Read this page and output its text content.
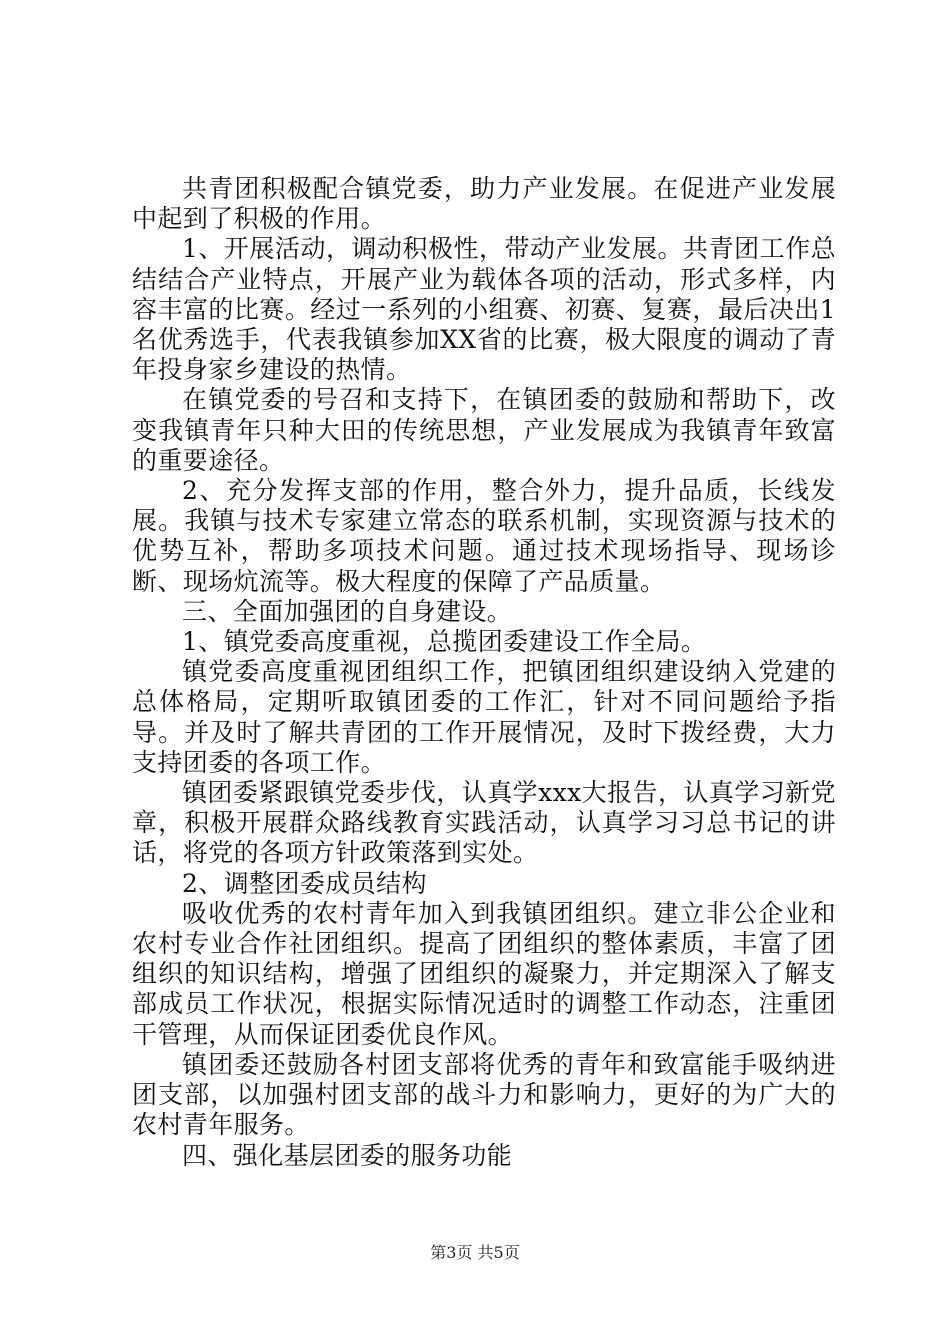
共青团积极配合镇党委，助力产业发展。在促进产业发展中起到了积极的作用。

1、开展活动，调动积极性，带动产业发展。共青团工作总结结合产业特点，开展产业为载体各项的活动，形式多样，内容丰富的比赛。经过一系列的小组赛、初赛、复赛，最后决出1名优秀选手，代表我镇参加XX省的比赛，极大限度的调动了青年投身家乡建设的热情。

在镇党委的号召和支持下，在镇团委的鼓励和帮助下，改变我镇青年只种大田的传统思想，产业发展成为我镇青年致富的重要途径。

2、充分发挥支部的作用，整合外力，提升品质，长线发展。我镇与技术专家建立常态的联系机制，实现资源与技术的优势互补，帮助多项技术问题。通过技术现场指导、现场诊断、现场炕流等。极大程度的保障了产品质量。

三、全面加强团的自身建设。

1、镇党委高度重视，总揽团委建设工作全局。

镇党委高度重视团组织工作，把镇团组织建设纳入党建的总体格局，定期听取镇团委的工作汇，针对不同问题给予指导。并及时了解共青团的工作开展情况，及时下拨经费，大力支持团委的各项工作。

镇团委紧跟镇党委步伐，认真学xxx大报告，认真学习新党章，积极开展群众路线教育实践活动，认真学习习总书记的讲话，将党的各项方针政策落到实处。

2、调整团委成员结构

吸收优秀的农村青年加入到我镇团组织。建立非公企业和农村专业合作社团组织。提高了团组织的整体素质，丰富了团组织的知识结构，增强了团组织的凝聚力，并定期深入了解支部成员工作状况，根据实际情况适时的调整工作动态，注重团干管理，从而保证团委优良作风。

镇团委还鼓励各村团支部将优秀的青年和致富能手吸纳进团支部，以加强村团支部的战斗力和影响力，更好的为广大的农村青年服务。

四、强化基层团委的服务功能

第3页 共5页
